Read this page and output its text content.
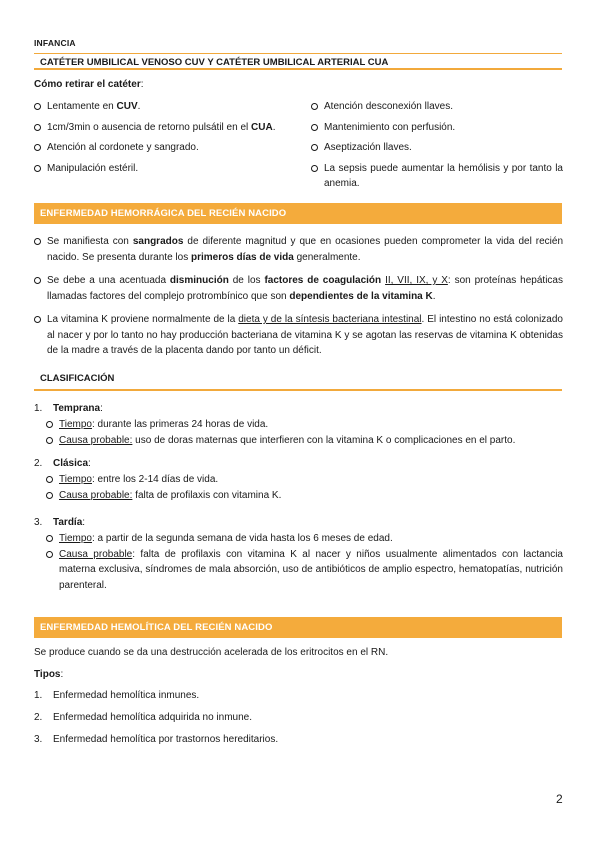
INFANCIA
CATÉTER UMBILICAL VENOSO CUV Y CATÉTER UMBILICAL ARTERIAL CUA
Cómo retirar el catéter:
Lentamente en CUV.
1cm/3min o ausencia de retorno pulsátil en el CUA.
Atención al cordonete y sangrado.
Manipulación estéril.
Atención desconexión llaves.
Mantenimiento con perfusión.
Aseptización llaves.
La sepsis puede aumentar la hemólisis y por tanto la anemia.
ENFERMEDAD HEMORRÁGICA DEL RECIÉN NACIDO
Se manifiesta con sangrados de diferente magnitud y que en ocasiones pueden comprometer la vida del recién nacido. Se presenta durante los primeros días de vida generalmente.
Se debe a una acentuada disminución de los factores de coagulación II, VII, IX, y X: son proteínas hepáticas llamadas factores del complejo protrombínico que son dependientes de la vitamina K.
La vitamina K proviene normalmente de la dieta y de la síntesis bacteriana intestinal. El intestino no está colonizado al nacer y por lo tanto no hay producción bacteriana de vitamina K y se agotan las reservas de vitamina K obtenidas de la madre a través de la placenta dando por tanto un déficit.
CLASIFICACIÓN
1. Temprana:
Tiempo: durante las primeras 24 horas de vida.
Causa probable: uso de doras maternas que interfieren con la vitamina K o complicaciones en el parto.
2. Clásica:
Tiempo: entre los 2-14 días de vida.
Causa probable: falta de profilaxis con vitamina K.
3. Tardía:
Tiempo: a partir de la segunda semana de vida hasta los 6 meses de edad.
Causa probable: falta de profilaxis con vitamina K al nacer y niños usualmente alimentados con lactancia materna exclusiva, síndromes de mala absorción, uso de antibióticos de amplio espectro, hematopatías, nutrición parenteral.
ENFERMEDAD HEMOLÍTICA DEL RECIÉN NACIDO
Se produce cuando se da una destrucción acelerada de los eritrocitos en el RN.
Tipos:
1. Enfermedad hemolítica inmunes.
2. Enfermedad hemolítica adquirida no inmune.
3. Enfermedad hemolítica por trastornos hereditarios.
2
